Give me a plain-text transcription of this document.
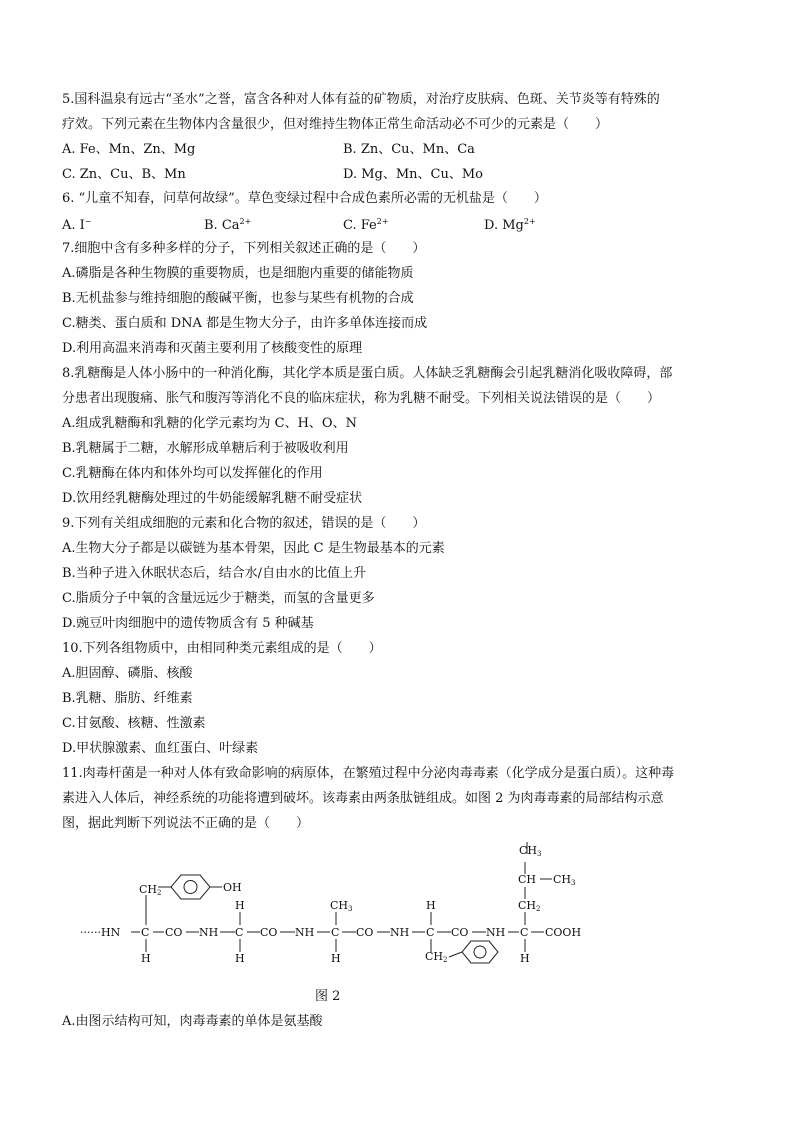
5.国科温泉有远古“圣水”之誉，富含各种对人体有益的矿物质，对治疗皮肤病、色斑、关节炎等有特殊的
疗效。下列元素在生物体内含量很少，但对维持生物体正常生命活动必不可少的元素是（　　）
A. Fe、Mn、Zn、Mg	B. Zn、Cu、Mn、Ca
C. Zn、Cu、B、Mn	D. Mg、Mn、Cu、Mo
6. “儿童不知春，问草何故绿”。草色变绿过程中合成色素所必需的无机盐是（　　）
A. I−	B. $Ca^{2+}$	C. $Fe^{2+}$	D. $Mg^{2+}$
7.细胞中含有多种多样的分子，下列相关叙述正确的是（　　）
A.磷脂是各种生物膜的重要物质，也是细胞内重要的储能物质
B.无机盐参与维持细胞的酸碱平衡，也参与某些有机物的合成
C.糖类、蛋白质和 DNA 都是生物大分子，由许多单体连接而成
D.利用高温来消毒和灭菌主要利用了核酸变性的原理
8.乳糖酶是人体小肠中的一种消化酶，其化学本质是蛋白质。人体缺乏乳糖酶会引起乳糖消化吸收障碍，部
分患者出现腹痛、胀气和腹泻等消化不良的临床症状，称为乳糖不耐受。下列相关说法错误的是（　　）
A.组成乳糖酶和乳糖的化学元素均为 C、H、O、N
B.乳糖属于二糖，水解形成单糖后利于被吸收利用
C.乳糖酶在体内和体外均可以发挥催化的作用
D.饮用经乳糖酶处理过的牛奶能缓解乳糖不耐受症状
9.下列有关组成细胞的元素和化合物的叙述，错误的是（　　）
A.生物大分子都是以碳链为基本骨架，因此 C 是生物最基本的元素
B.当种子进入休眠状态后，结合水/自由水的比值上升
C.脂质分子中氧的含量远远少于糖类，而氢的含量更多
D.豌豆叶肉细胞中的遗传物质含有 5 种碱基
10.下列各组物质中，由相同种类元素组成的是（　　）
A.胆固醇、磷脂、核酸
B.乳糖、脂肪、纤维素
C.甘氨酸、核糖、性激素
D.甲状腺激素、血红蛋白、叶绿素
11.肉毒杆菌是一种对人体有致命影响的病原体，在繁殖过程中分泌肉毒毒素（化学成分是蛋白质）。这种毒
素进入人体后，神经系统的功能将遭到破坏。该毒素由两条肽链组成。如图 2 为肉毒毒素的局部结构示意
图，据此判断下列说法不正确的是（　　）
CH2	OH
······HN C CO NH C CO NH C CO NH C CO NH C COOH
H
H
H	H
H
H
CH3
CH2
CH2
CH CH3
CH3
图 2
A.由图示结构可知，肉毒毒素的单体是氨基酸
